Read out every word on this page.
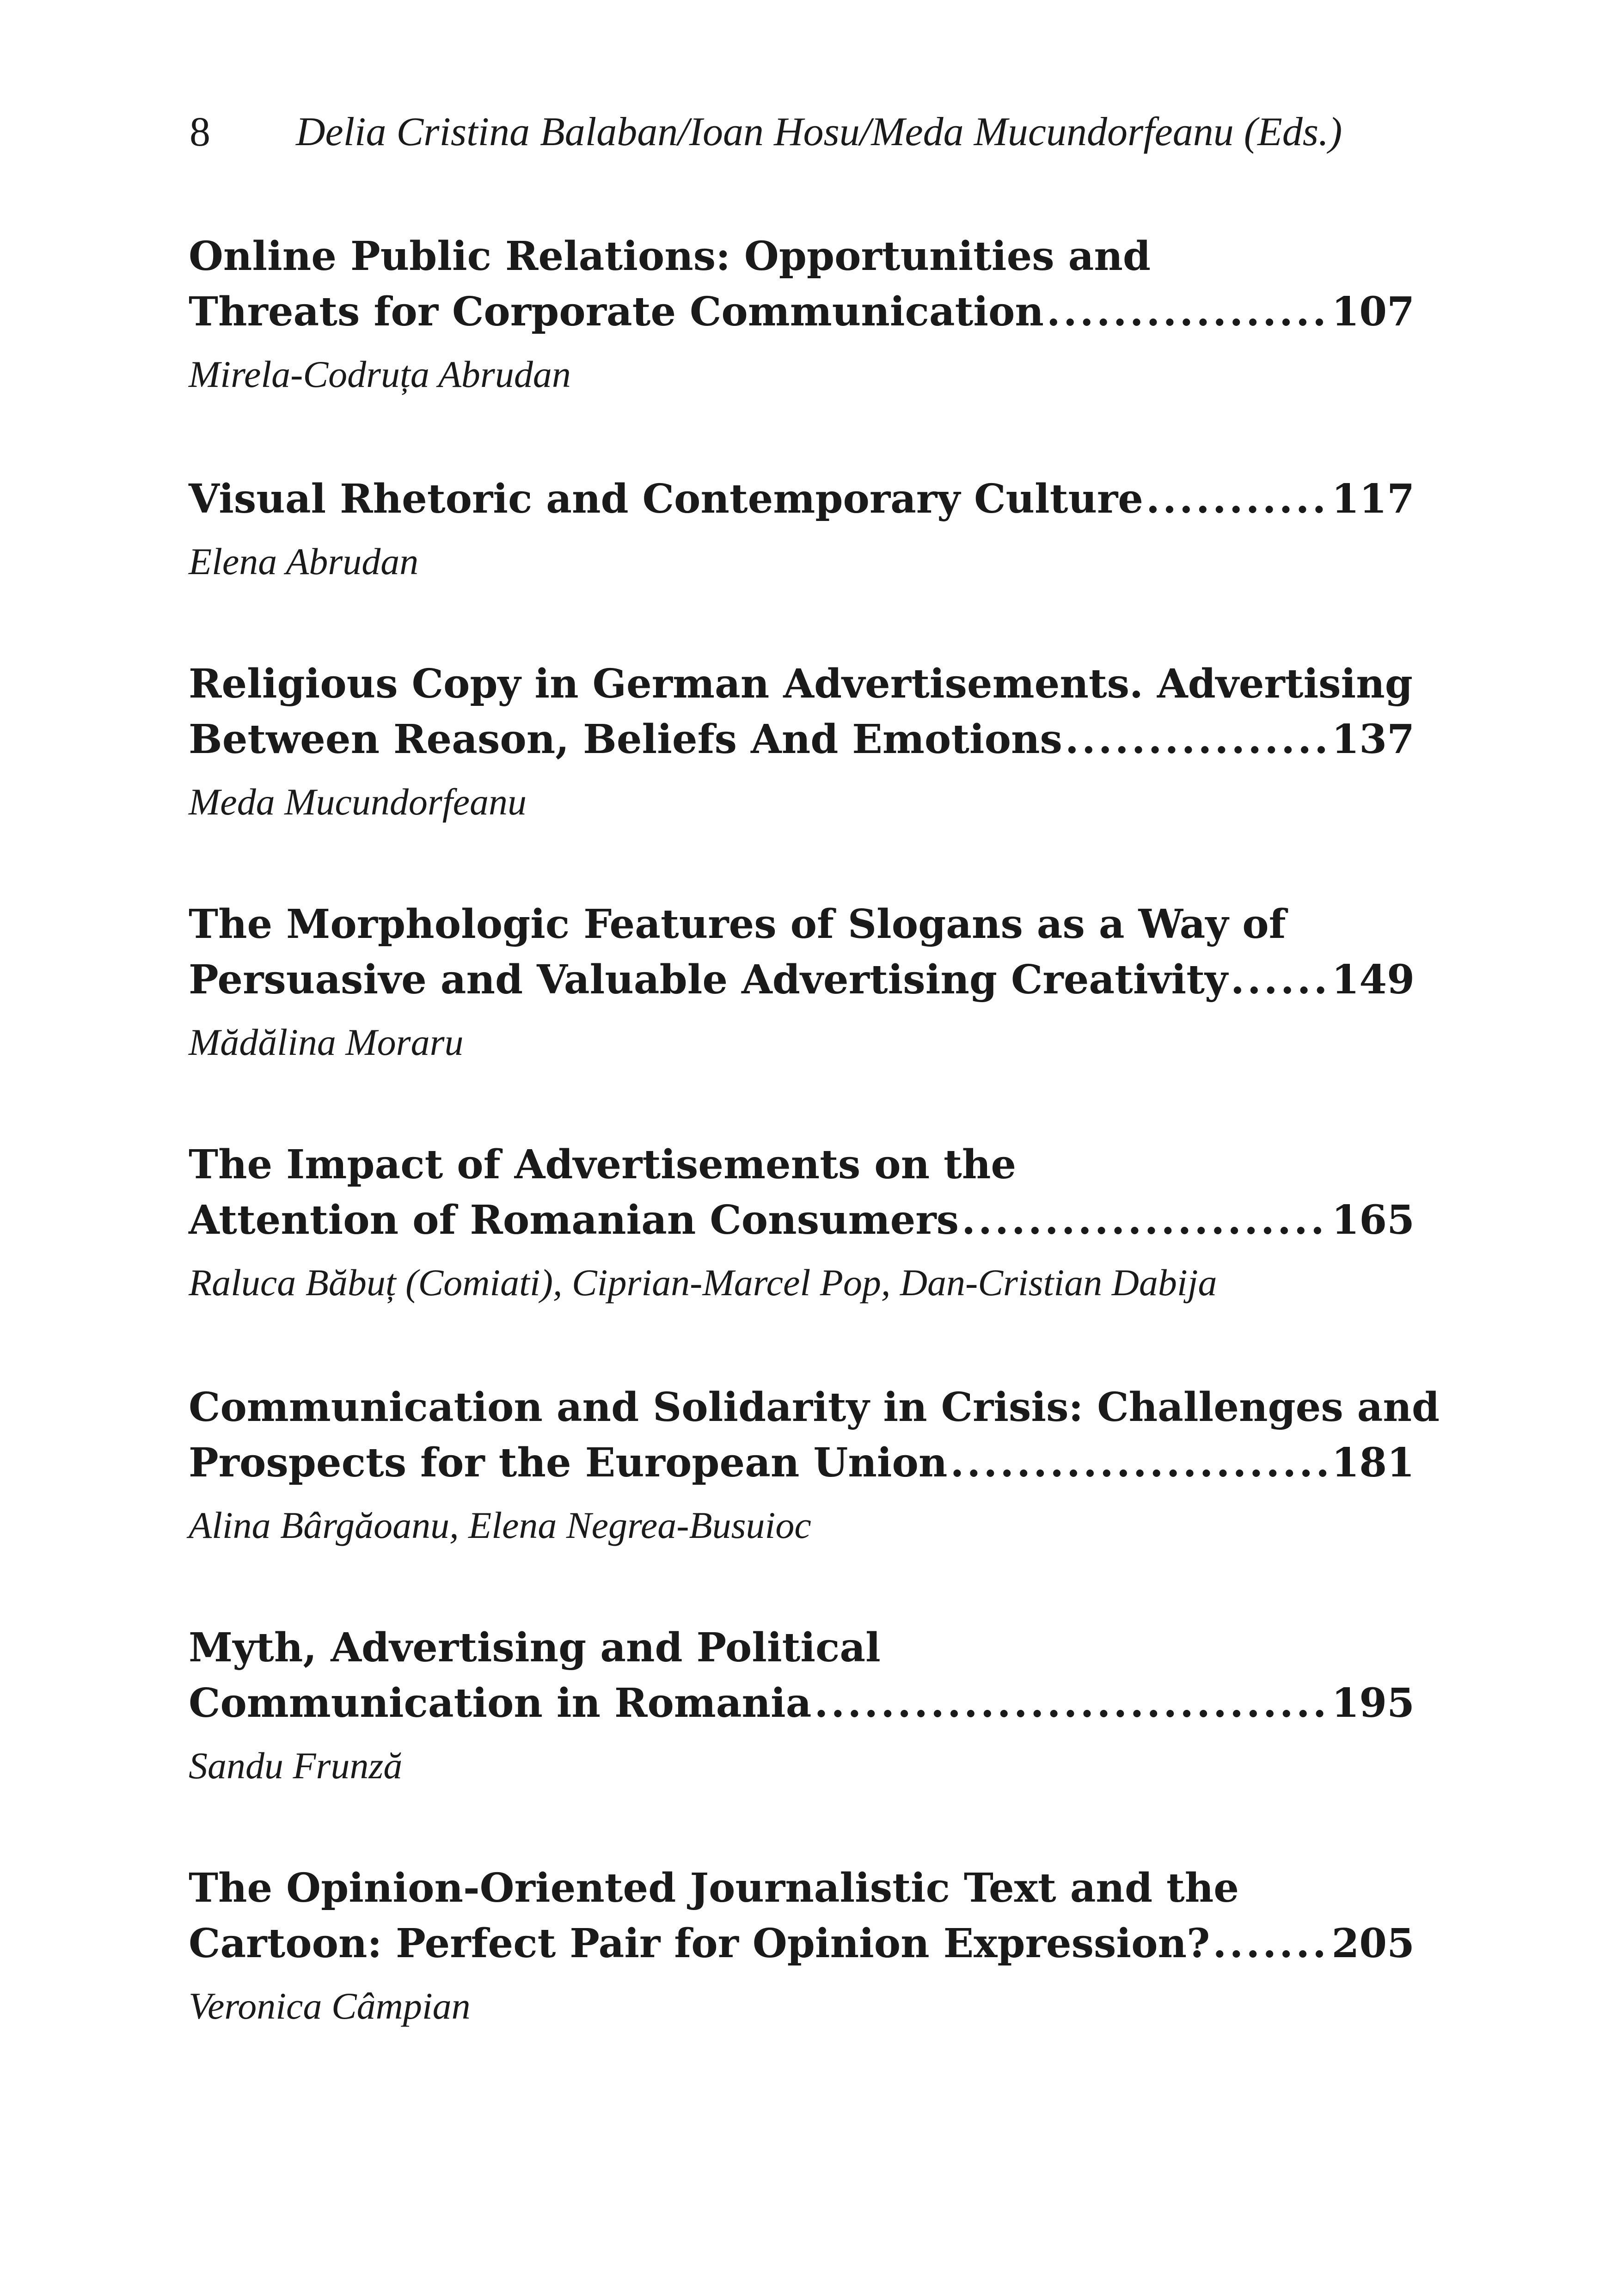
8	Delia Cristina Balaban/Ioan Hosu/Meda Mucundorfeanu (Eds.)
Online Public Relations: Opportunities and
Threats for Corporate Communication .....	107
Mirela-Codruța Abrudan
Visual Rhetoric and Contemporary Culture .....	117
Elena Abrudan
Religious Copy in German Advertisements. Advertising
Between Reason, Beliefs And Emotions .....	137
Meda Mucundorfeanu
The Morphologic Features of Slogans as a Way of
Persuasive and Valuable Advertising Creativity .....	149
Mădălina Moraru
The Impact of Advertisements on the
Attention of Romanian Consumers .....	165
Raluca Băbuț (Comiati), Ciprian-Marcel Pop, Dan-Cristian Dabija
Communication and Solidarity in Crisis: Challenges and
Prospects for the European Union .....	181
Alina Bârgăoanu, Elena Negrea-Busuioc
Myth, Advertising and Political
Communication in Romania .....	195
Sandu Frunză
The Opinion-Oriented Journalistic Text and the
Cartoon: Perfect Pair for Opinion Expression? .....	205
Veronica Câmpian
